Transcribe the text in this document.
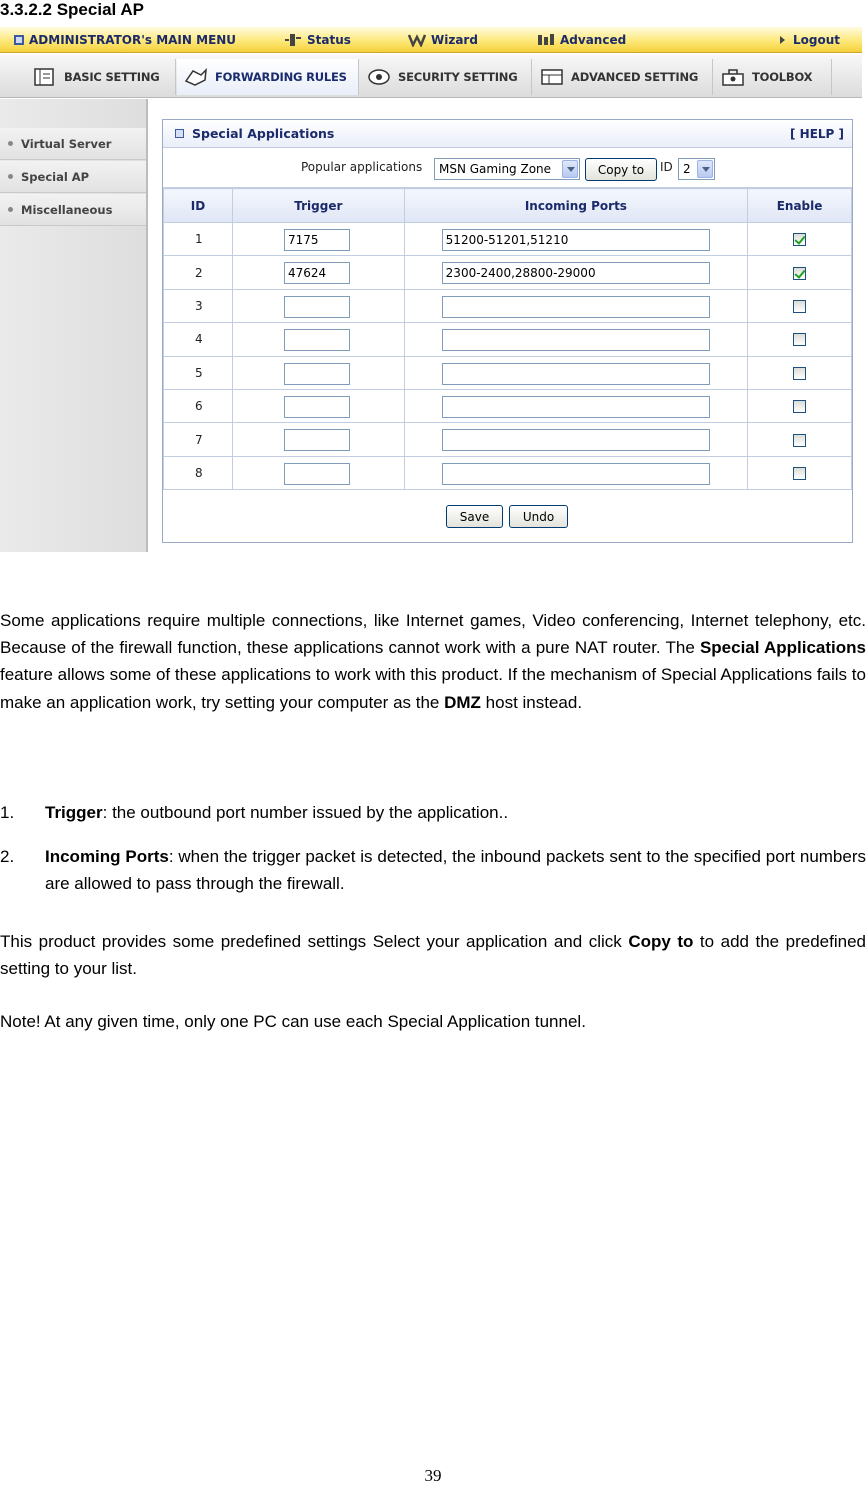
3.3.2.2 Special AP
ADMINISTRATOR's MAIN MENU	Status	Wizard	Advanced	Logout
BASIC SETTING	FORWARDING RULES	SECURITY SETTING	ADVANCED SETTING	TOOLBOX
Virtual Server
Special AP
Miscellaneous
Special Applications	[ HELP ]
Popular applications	MSN Gaming Zone	Copy to	ID 2
ID	Trigger	Incoming Ports	Enable
1	7175	51200-51201,51210	

2	47624	2300-2400,28800-29000	

3	

4	

5	

6	

7	

8	

Save	Undo
Some applications require multiple connections, like Internet games, Video conferencing, Internet telephony, etc. Because of the firewall function, these applications cannot work with a pure NAT router. The Special Applications feature allows some of these applications to work with this product. If the mechanism of Special Applications fails to make an application work, try setting your computer as the DMZ host instead.
1. Trigger: the outbound port number issued by the application..
2. Incoming Ports: when the trigger packet is detected, the inbound packets sent to the specified port numbers are allowed to pass through the firewall.
This product provides some predefined settings Select your application and click Copy to to add the predefined setting to your list.
Note! At any given time, only one PC can use each Special Application tunnel.
39
